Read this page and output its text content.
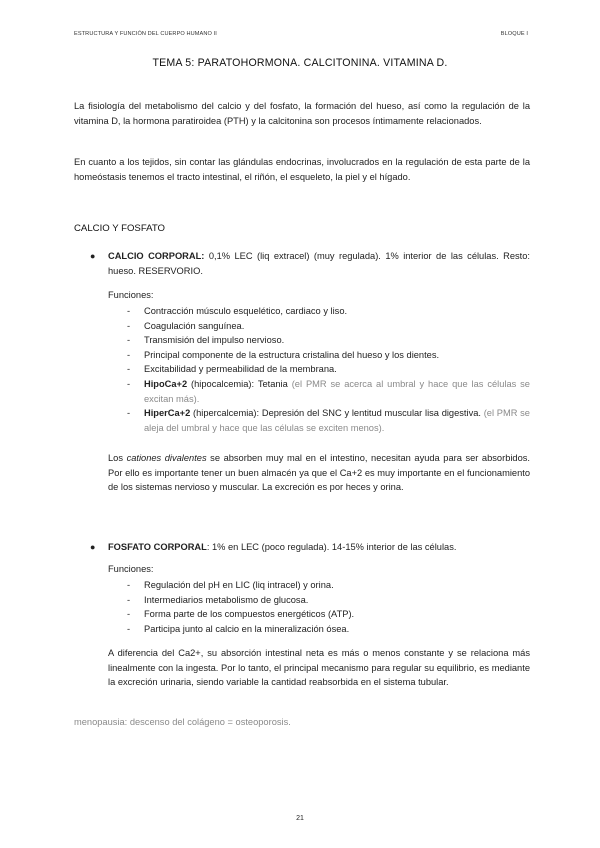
ESTRUCTURA Y FUNCIÓN DEL CUERPO HUMANO II	BLOQUE I
TEMA 5: PARATOHORMONA. CALCITONINA. VITAMINA D.

La fisiología del metabolismo del calcio y del fosfato, la formación del hueso, así como la regulación de la vitamina D, la hormona paratiroidea (PTH) y la calcitonina son procesos íntimamente relacionados.

En cuanto a los tejidos, sin contar las glándulas endocrinas, involucrados en la regulación de esta parte de la homeóstasis tenemos el tracto intestinal, el riñón, el esqueleto, la piel y el hígado.

CALCIO Y FOSFATO
● CALCIO CORPORAL: 0,1% LEC (liq extracel) (muy regulada). 1% interior de las células. Resto: hueso. RESERVORIO.
Funciones:
- Contracción músculo esquelético, cardiaco y liso.
- Coagulación sanguínea.
- Transmisión del impulso nervioso.
- Principal componente de la estructura cristalina del hueso y los dientes.
- Excitabilidad y permeabilidad de la membrana.
- HipoCa+2 (hipocalcemia): Tetania (el PMR se acerca al umbral y hace que las células se excitan más).
- HiperCa+2 (hipercalcemia): Depresión del SNC y lentitud muscular lisa digestiva. (el PMR se aleja del umbral y hace que las células se exciten menos).

Los cationes divalentes se absorben muy mal en el intestino, necesitan ayuda para ser absorbidos. Por ello es importante tener un buen almacén ya que el Ca+2 es muy importante en el funcionamiento de los sistemas nervioso y muscular. La excreción es por heces y orina.

● FOSFATO CORPORAL: 1% en LEC (poco regulada). 14-15% interior de las células.
Funciones:
- Regulación del pH en LIC (liq intracel) y orina.
- Intermediarios metabolismo de glucosa.
- Forma parte de los compuestos energéticos (ATP).
- Participa junto al calcio en la mineralización ósea.

A diferencia del Ca2+, su absorción intestinal neta es más o menos constante y se relaciona más linealmente con la ingesta. Por lo tanto, el principal mecanismo para regular su equilibrio, es mediante la excreción urinaria, siendo variable la cantidad reabsorbida en el sistema tubular.

menopausia: descenso del colágeno = osteoporosis.
21
